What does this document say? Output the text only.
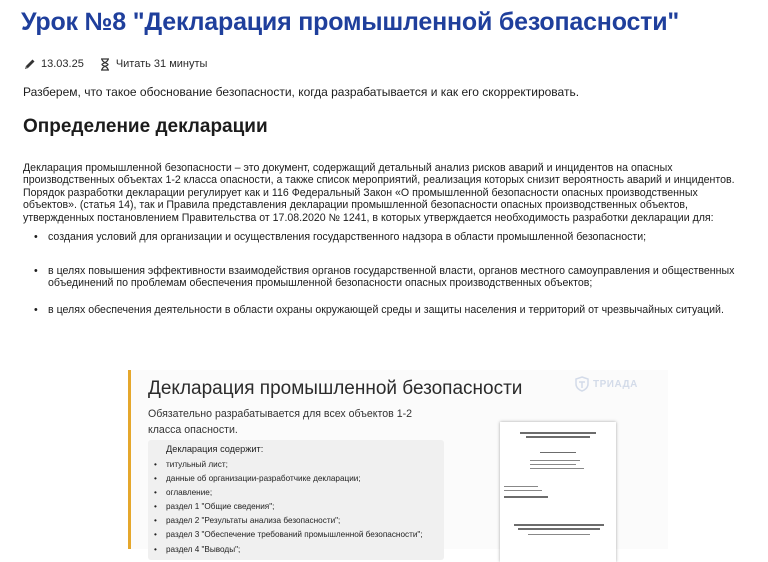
Урок №8 "Декларация промышленной безопасности"
13.03.25	Читать 31 минуты
Разберем, что такое обоснование безопасности, когда разрабатывается и как его скорректировать.
Определение декларации
Декларация промышленной безопасности – это документ, содержащий детальный анализ рисков аварий и инцидентов на опасных
производственных объектах 1-2 класса опасности, а также список мероприятий, реализация которых снизит вероятность аварий и инцидентов.
Порядок разработки декларации регулирует как и 116 Федеральный Закон «О промышленной безопасности опасных производственных
объектов». (статья 14), так и Правила представления декларации промышленной безопасности опасных производственных объектов,
утвержденных постановлением Правительства от 17.08.2020 № 1241, в которых утверждается необходимость разработки декларации для:
• создания условий для организации и осуществления государственного надзора в области промышленной безопасности;
• в целях повышения эффективности взаимодействия органов государственной власти, органов местного самоуправления и общественных
объединений по проблемам обеспечения промышленной безопасности опасных производственных объектов;
• в целях обеспечения деятельности в области охраны окружающей среды и защиты населения и территорий от чрезвычайных ситуаций.
Декларация промышленной безопасности
Обязательно разрабатывается для всех объектов 1-2
класса опасности.
ТРИАДА
Декларация содержит:
• титульный лист;
• данные об организации-разработчике декларации;
• оглавление;
• раздел 1 "Общие сведения";
• раздел 2 "Результаты анализа безопасности";
• раздел 3 "Обеспечение требований промышленной безопасности";
• раздел 4 "Выводы";
